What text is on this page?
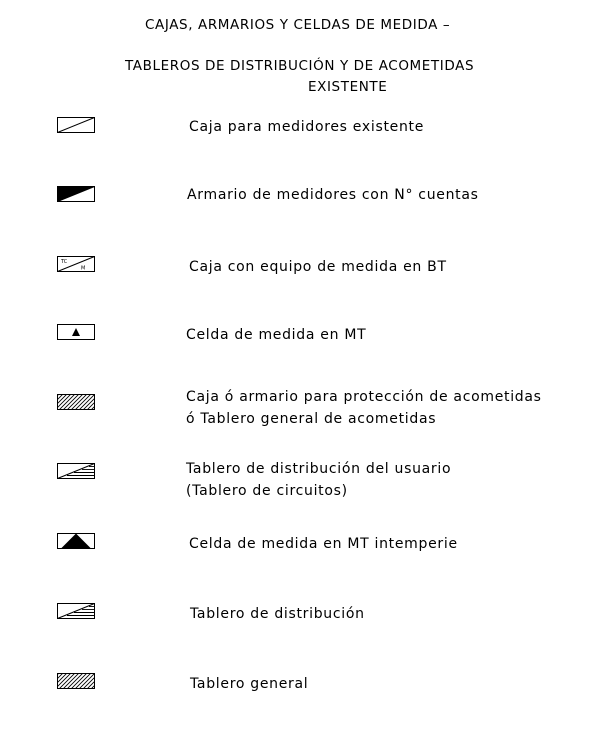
CAJAS, ARMARIOS Y CELDAS DE MEDIDA –
TABLEROS DE DISTRIBUCIÓN Y DE ACOMETIDAS
EXISTENTE
Caja para medidores existente
Armario de medidores con N° cuentas
TC
M	Caja con equipo de medida en BT
Celda de medida en MT
Caja ó armario para protección de acometidas
ó Tablero general de acometidas
Tablero de distribución del usuario
(Tablero de circuitos)
Celda de medida en MT intemperie
Tablero de distribución
Tablero general
